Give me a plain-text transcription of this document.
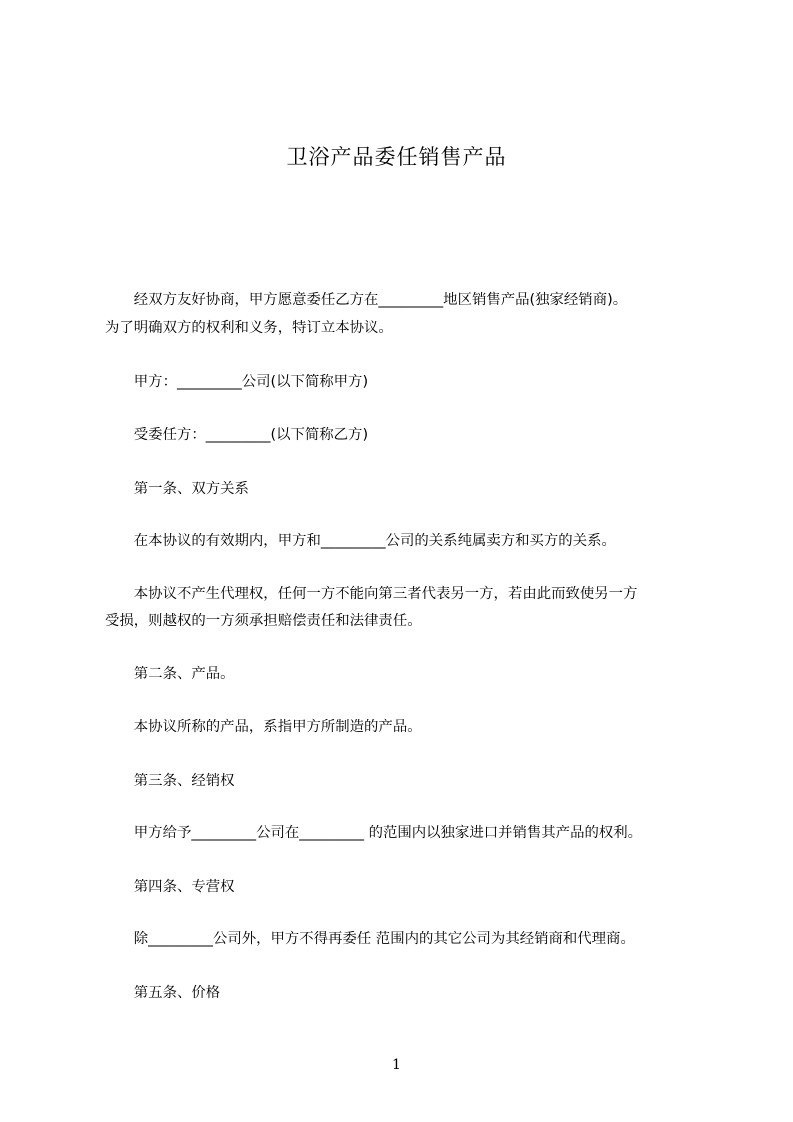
卫浴产品委任销售产品
　　经双方友好协商，甲方愿意委任乙方在_________地区销售产品(独家经销商)。
为了明确双方的权利和义务，特订立本协议。
　　甲方：_________公司(以下简称甲方)
　　受委任方：_________(以下简称乙方)
　　第一条、双方关系
　　在本协议的有效期内，甲方和_________公司的关系纯属卖方和买方的关系。
　　本协议不产生代理权，任何一方不能向第三者代表另一方，若由此而致使另一方
受损，则越权的一方须承担赔偿责任和法律责任。
　　第二条、产品。
　　本协议所称的产品，系指甲方所制造的产品。
　　第三条、经销权
　　甲方给予_________公司在_________ 的范围内以独家进口并销售其产品的权利。
　　第四条、专营权
　　除_________公司外，甲方不得再委任 范围内的其它公司为其经销商和代理商。
　　第五条、价格
1
